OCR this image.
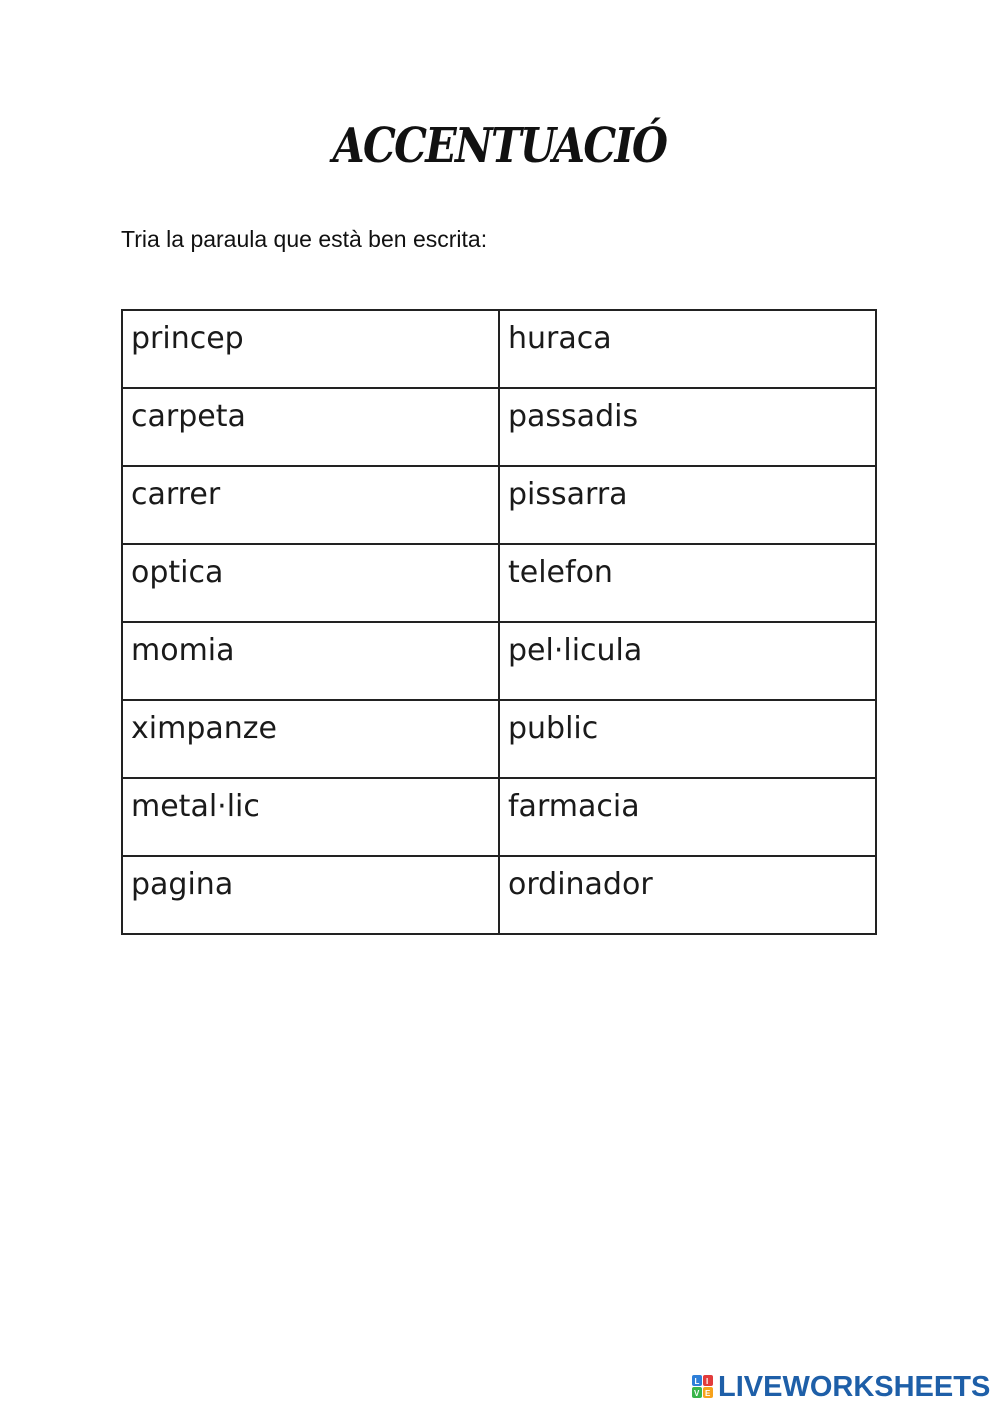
ACCENTUACIÓ
Tria la paraula que està ben escrita:
princep	huraca

carpeta	passadis

carrer	pissarra

optica	telefon

momia	pel·licula

ximpanze	public

metal·lic	farmacia

pagina	ordinador
L I
V E LIVEWORKSHEETS
